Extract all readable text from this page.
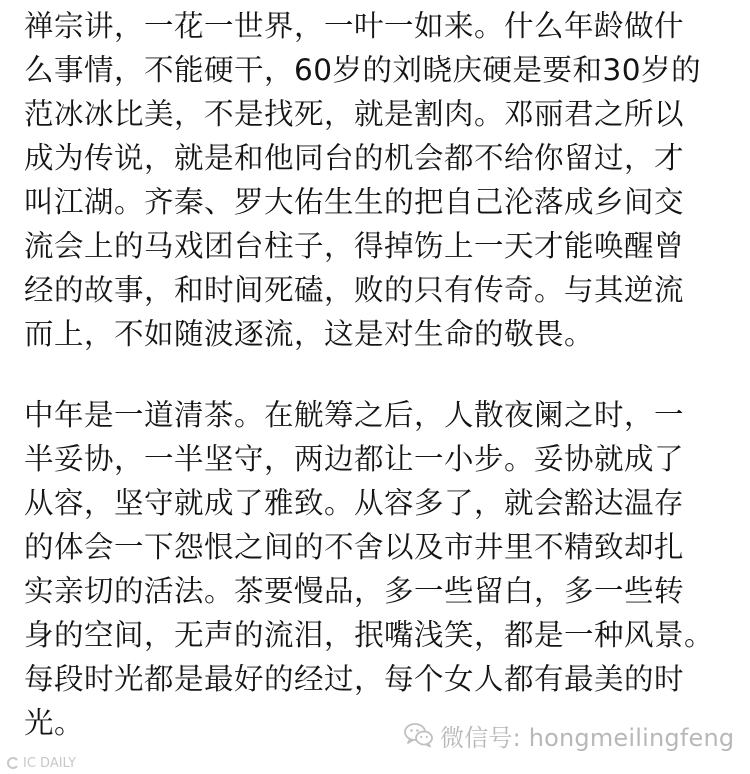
禅宗讲，一花一世界，一叶一如来。什么年龄做什
么事情，不能硬干，60岁的刘晓庆硬是要和30岁的
范冰冰比美，不是找死，就是割肉。邓丽君之所以
成为传说，就是和他同台的机会都不给你留过，才
叫江湖。齐秦、罗大佑生生的把自己沦落成乡间交
流会上的马戏团台柱子，得掉饬上一天才能唤醒曾
经的故事，和时间死磕，败的只有传奇。与其逆流
而上，不如随波逐流，这是对生命的敬畏。
中年是一道清茶。在觥筹之后，人散夜阑之时，一
半妥协，一半坚守，两边都让一小步。妥协就成了
从容，坚守就成了雅致。从容多了，就会豁达温存
的体会一下怨恨之间的不舍以及市井里不精致却扎
实亲切的活法。茶要慢品，多一些留白，多一些转
身的空间，无声的流泪，抿嘴浅笑，都是一种风景。
每段时光都是最好的经过，每个女人都有最美的时
光。	微信号: hongmeilingfeng
IC DAILY
